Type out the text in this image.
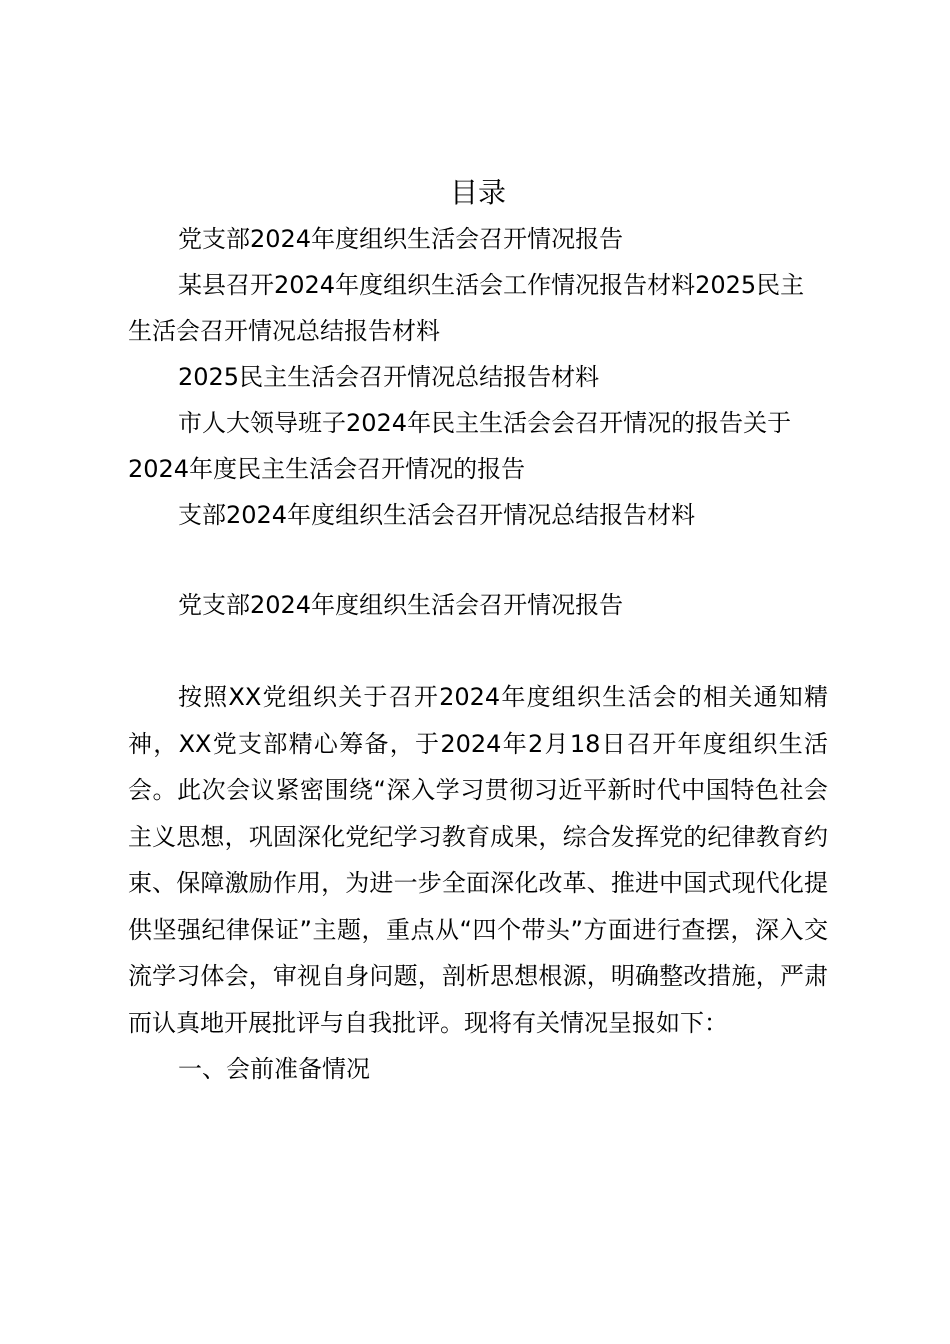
目录

党支部2024年度组织生活会召开情况报告

某县召开2024年度组织生活会工作情况报告材料2025民主生活会召开情况总结报告材料

2025民主生活会召开情况总结报告材料

市人大领导班子2024年民主生活会会召开情况的报告关于2024年度民主生活会召开情况的报告

支部2024年度组织生活会召开情况总结报告材料

党支部2024年度组织生活会召开情况报告

按照XX党组织关于召开2024年度组织生活会的相关通知精神，XX党支部精心筹备，于2024年2月18日召开年度组织生活会。此次会议紧密围绕“深入学习贯彻习近平新时代中国特色社会主义思想，巩固深化党纪学习教育成果，综合发挥党的纪律教育约束、保障激励作用，为进一步全面深化改革、推进中国式现代化提供坚强纪律保证”主题，重点从“四个带头”方面进行查摆，深入交流学习体会，审视自身问题，剖析思想根源，明确整改措施，严肃而认真地开展批评与自我批评。现将有关情况呈报如下：

一、会前准备情况
